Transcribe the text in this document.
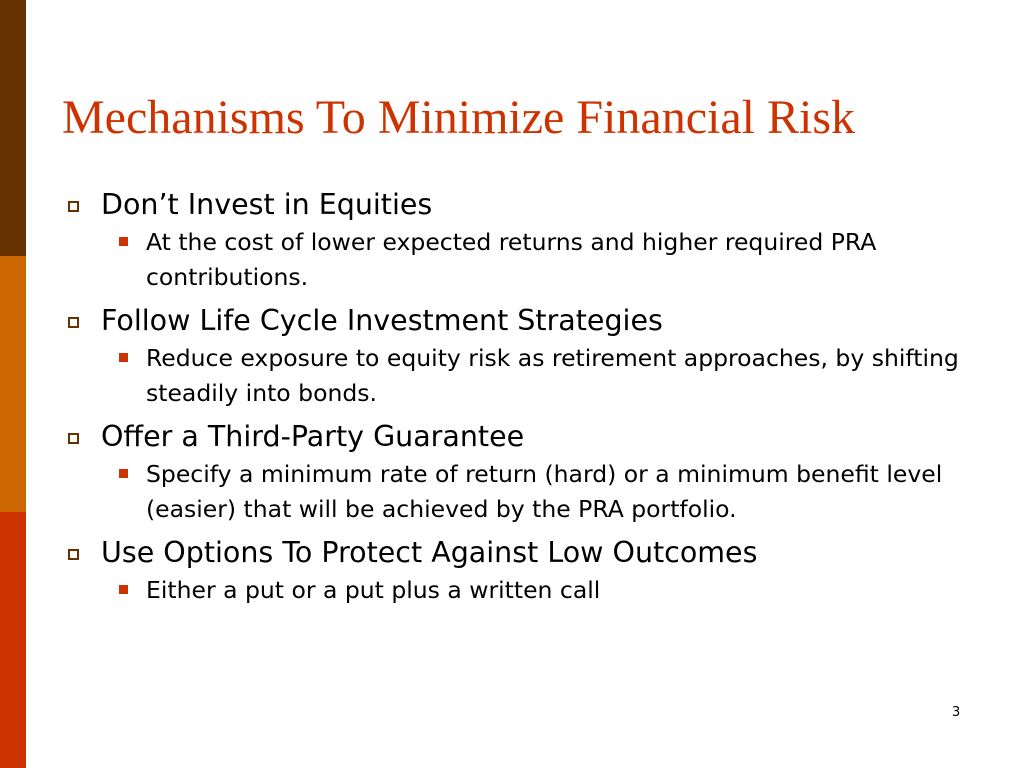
Mechanisms To Minimize Financial Risk
Don’t Invest in Equities
At the cost of lower expected returns and higher required PRA contributions.
Follow Life Cycle Investment Strategies
Reduce exposure to equity risk as retirement approaches, by shifting steadily into bonds.
Offer a Third-Party Guarantee
Specify a minimum rate of return (hard) or a minimum benefit level (easier) that will be achieved by the PRA portfolio.
Use Options To Protect Against Low Outcomes
Either a put or a put plus a written call
3
